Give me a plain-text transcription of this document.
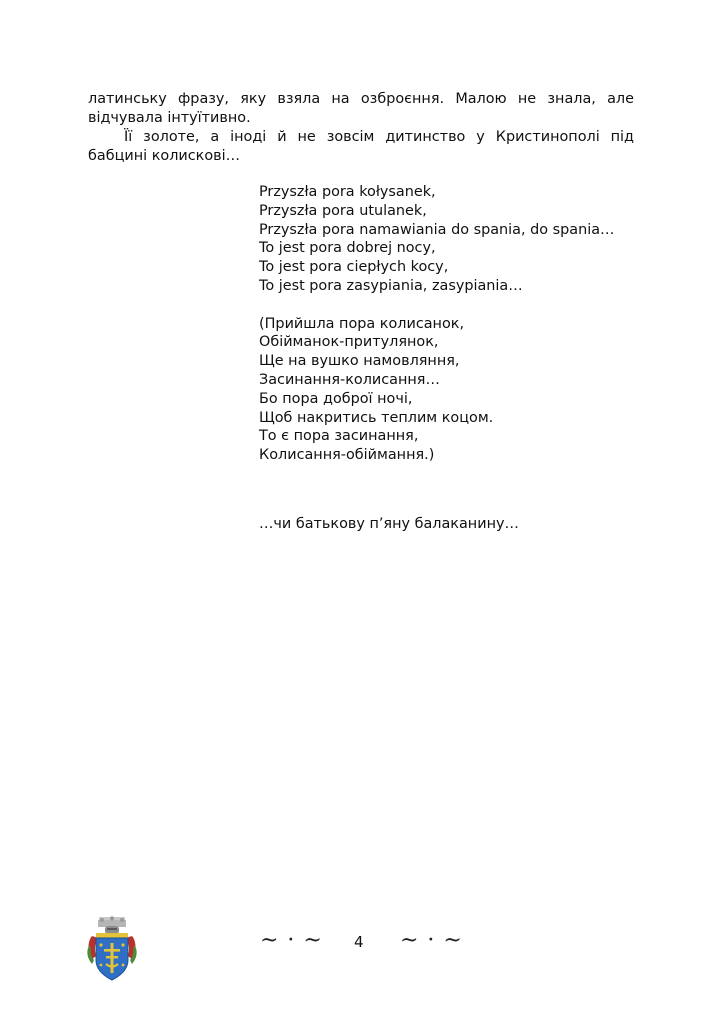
латинську фразу, яку взяла на озброєння. Малою не знала, але відчувала інтуїтивно.

Її золоте, а іноді й не зовсім дитинство у Кристинополі під бабцині колискові…

Przyszła pora kołysanek,
Przyszła pora utulanek,
Przyszła pora namawiania do spania, do spania…
To jest pora dobrej nocy,
To jest pora ciepłych kocy,
To jest pora zasypiania, zasypiania…
(Прийшла пора колисанок,
Обійманок-притулянок,
Ще на вушко намовляння,
Засинання-колисання…
Бо пора доброї ночі,
Щоб накритись теплим коцом.
То є пора засинання,
Колисання-обіймання.)
…чи батькову п’яну балаканину…
~ · ~ 4 ~ · ~
